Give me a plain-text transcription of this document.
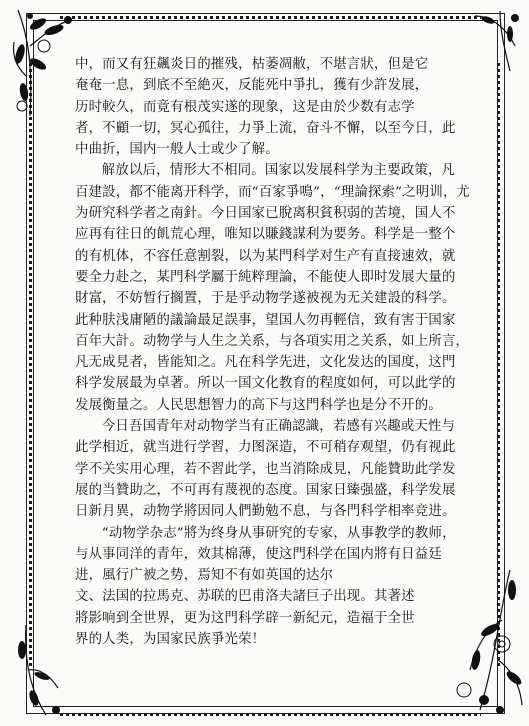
中，而又有狂飆炎日的摧残，枯萎凋敝，不堪言狀，但是它
奄奄一息，到底不至絶灭，反能死中爭扎，獲有少許发展，
历时較久，而竟有根茂实遂的现象，这是由於少数有志学
者，不顧一切，冥心孤往，力爭上流，奋斗不懈，以至今日，此
中曲折，国内一般人士或少了解。

解放以后，情形大不相同。国家以发展科学为主要政策，凡
百建設，都不能离开科学，而“百家爭鳴”，“理論探索”之明训，尤
为研究科学者之南針。今日国家已脫离积貧积弱的苦境，国人不
应再有往日的飢荒心理，唯知以賺錢謀利为要务。科学是一整个
的有机体，不容任意割裂，以为某門科学对生产有直接速效，就
要全力赴之，某門科学屬于純粹理論，不能使人即时发展大量的
財富，不妨暂行搁置，于是乎动物学遂被视为无关建設的科学。
此种肤浅庸陋的議論最足誤事，望国人勿再輕信，致有害于国家
百年大計。动物学与人生之关系，与各項实用之关系，如上所言，
凡无成見者，皆能知之。凡在科学先进，文化发达的国度，这門
科学发展最为卓著。所以一国文化教育的程度如何，可以此学的
发展衡量之。人民思想智力的高下与这門科学也是分不开的。

今日吾国青年对动物学当有正确認識，若感有兴趣或天性与
此学相近，就当进行学習，力图深造，不可稍存观望，仍有视此
学不关实用心理，若不習此学，也当消除成見，凡能贊助此学发
展的当贊助之，不可再有蔑视的态度。国家日臻强盛，科学发展
日新月異，动物学將因同人們勤勉不息，与各門科学相率竞进。

“动物学杂志”將为终身从事研究的专家，从事教学的教师，
与从事同洋的青年，效其棉薄，使这門科学在国内將有日益廷
进，風行广被之势，焉知不有如英国的达尔
文、法国的拉馬克、苏联的巴甫洛夫諸巨子出现。其著述
將影响到全世界，更为这門科学辟一新紀元，造福于全世
界的人类，为国家民族爭光荣！
